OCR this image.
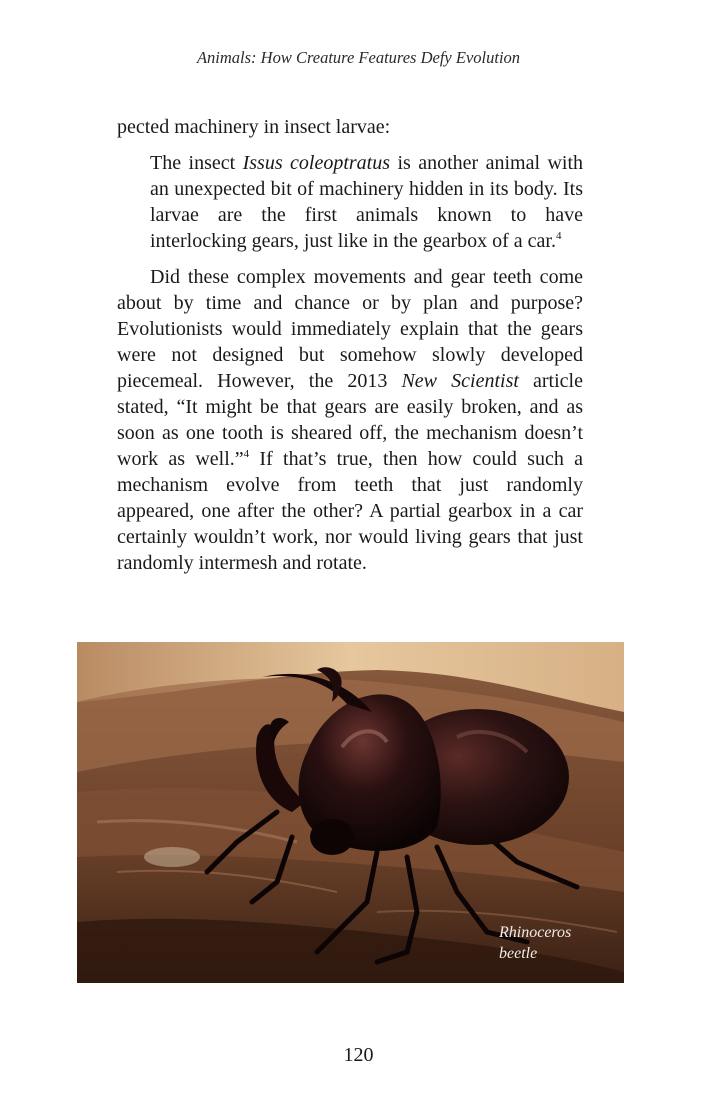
Animals: How Creature Features Defy Evolution

pected machinery in insect larvae:

The insect Issus coleoptratus is another animal with an unexpected bit of machinery hidden in its body. Its larvae are the first animals known to have interlocking gears, just like in the gearbox of a car.$^4$

Did these complex movements and gear teeth come about by time and chance or by plan and purpose? Evolutionists would immediately explain that the gears were not designed but somehow slowly developed piecemeal. However, the 2013 New Scientist article stated, “It might be that gears are easily broken, and as soon as one tooth is sheared off, the mechanism doesn’t work as well.”$^4$ If that’s true, then how could such a mechanism evolve from teeth that just randomly appeared, one after the other? A partial gearbox in a car certainly wouldn’t work, nor would living gears that just randomly intermesh and rotate.

Rhinoceros
beetle
120
